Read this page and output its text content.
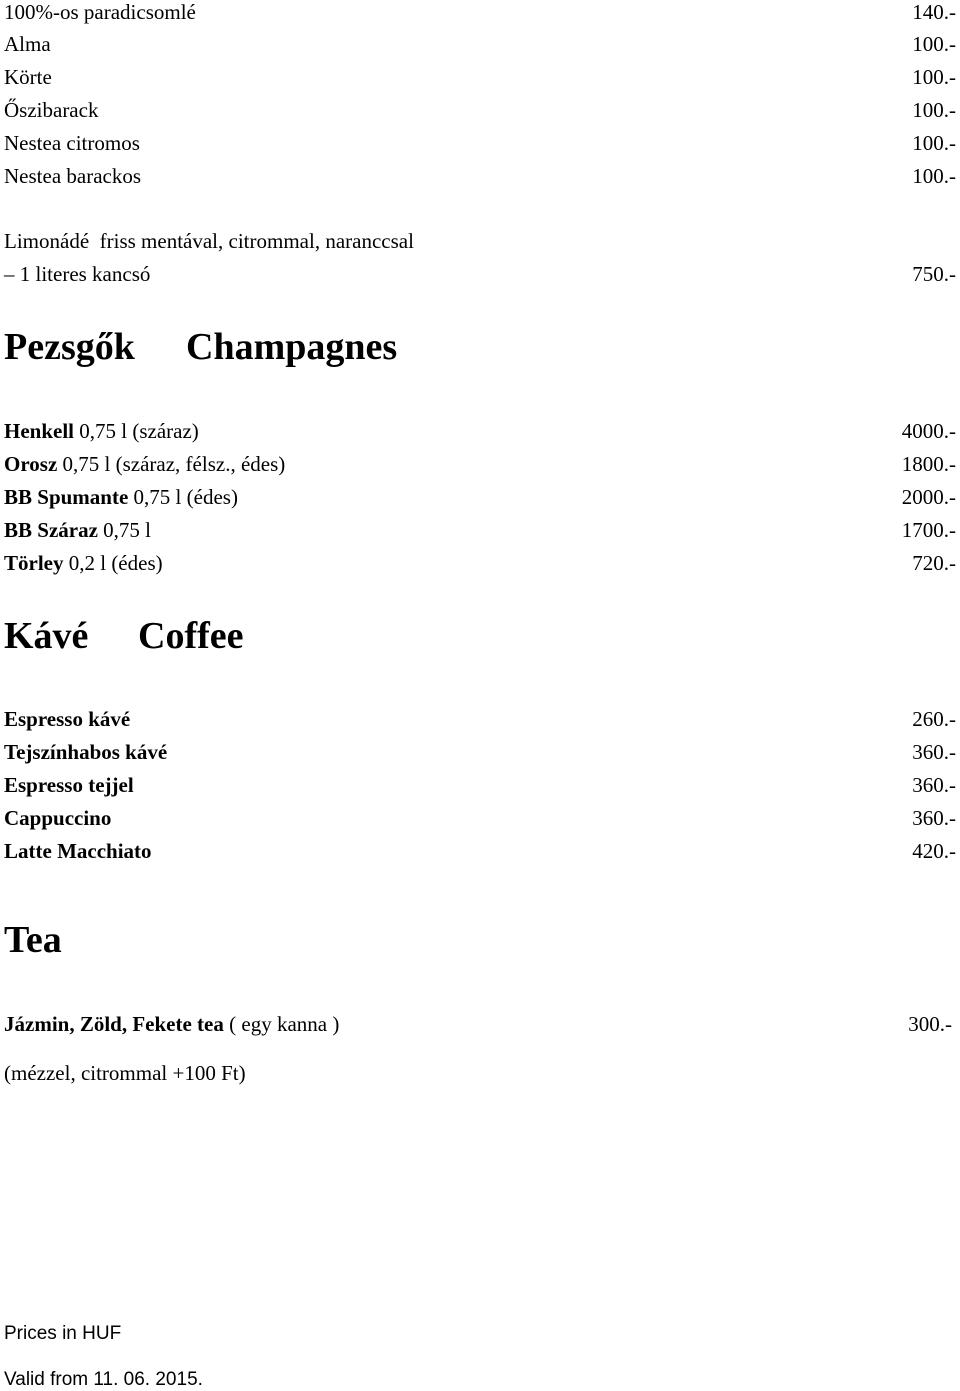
100%-os paradicsomlé	140.-
Alma	100.-
Körte	100.-
Őszibarack	100.-
Nestea citromos	100.-
Nestea barackos	100.-
Limonádé  friss mentával, citrommal, naranccsal
– 1 literes kancsó	750.-
Pezsgők Champagnes
Henkell 0,75 l (száraz)	4000.-
Orosz 0,75 l (száraz, félsz., édes)	1800.-
BB Spumante 0,75 l (édes)	2000.-
BB Száraz 0,75 l	1700.-
Törley 0,2 l (édes)	720.-
Kávé Coffee
Espresso kávé	260.-
Tejszínhabos kávé	360.-
Espresso tejjel	360.-
Cappuccino	360.-
Latte Macchiato	420.-
Tea
Jázmin, Zöld, Fekete tea ( egy kanna )	300.-
(mézzel, citrommal +100 Ft)
Prices in HUF
Valid from 11. 06. 2015.
